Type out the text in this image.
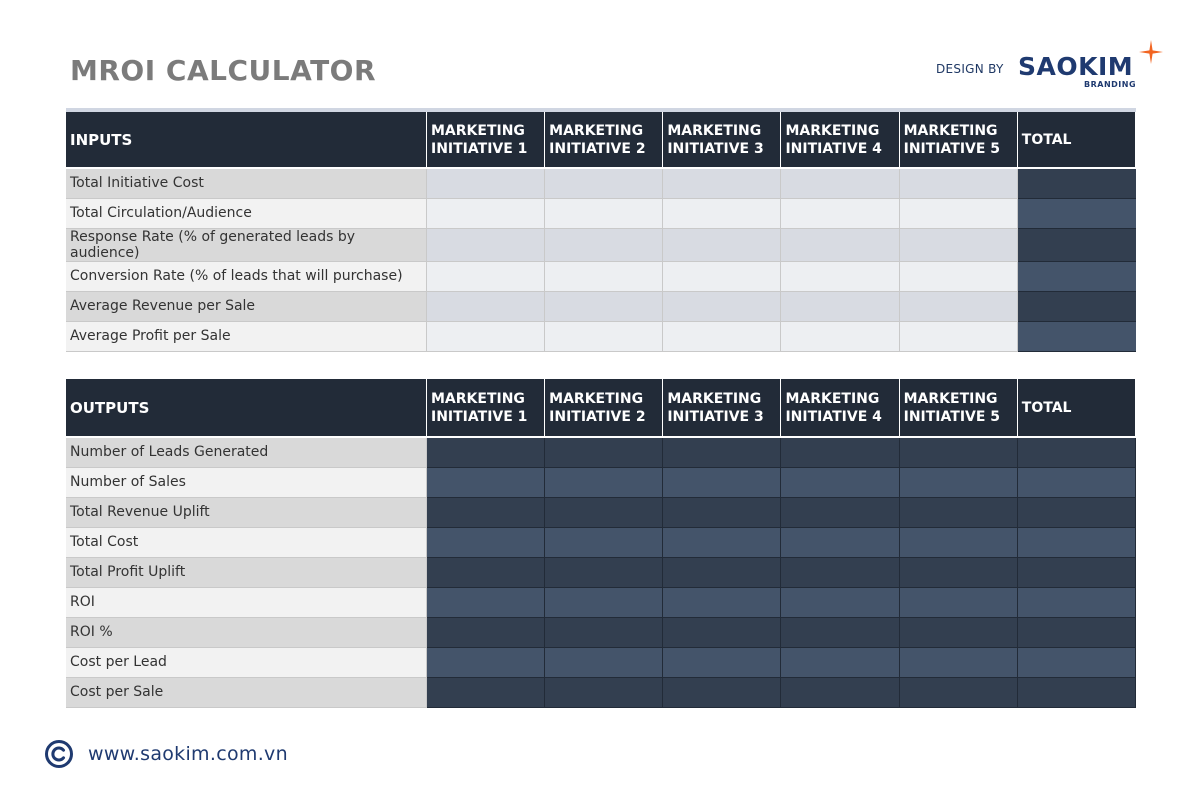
MROI CALCULATOR	DESIGN BY SAOKIM
BRANDING
INPUTS	MARKETING INITIATIVE 1	MARKETING INITIATIVE 2	MARKETING INITIATIVE 3	MARKETING INITIATIVE 4	MARKETING INITIATIVE 5	TOTAL
Total Initiative Cost						
Total Circulation/Audience						
Response Rate (% of generated leads by audience)						
Conversion Rate (% of leads that will purchase)						
Average Revenue per Sale						
Average Profit per Sale						
OUTPUTS	MARKETING INITIATIVE 1	MARKETING INITIATIVE 2	MARKETING INITIATIVE 3	MARKETING INITIATIVE 4	MARKETING INITIATIVE 5	TOTAL
Number of Leads Generated						
Number of Sales						
Total Revenue Uplift						
Total Cost						
Total Profit Uplift						
ROI						
ROI %						
Cost per Lead						
Cost per Sale						
www.saokim.com.vn
